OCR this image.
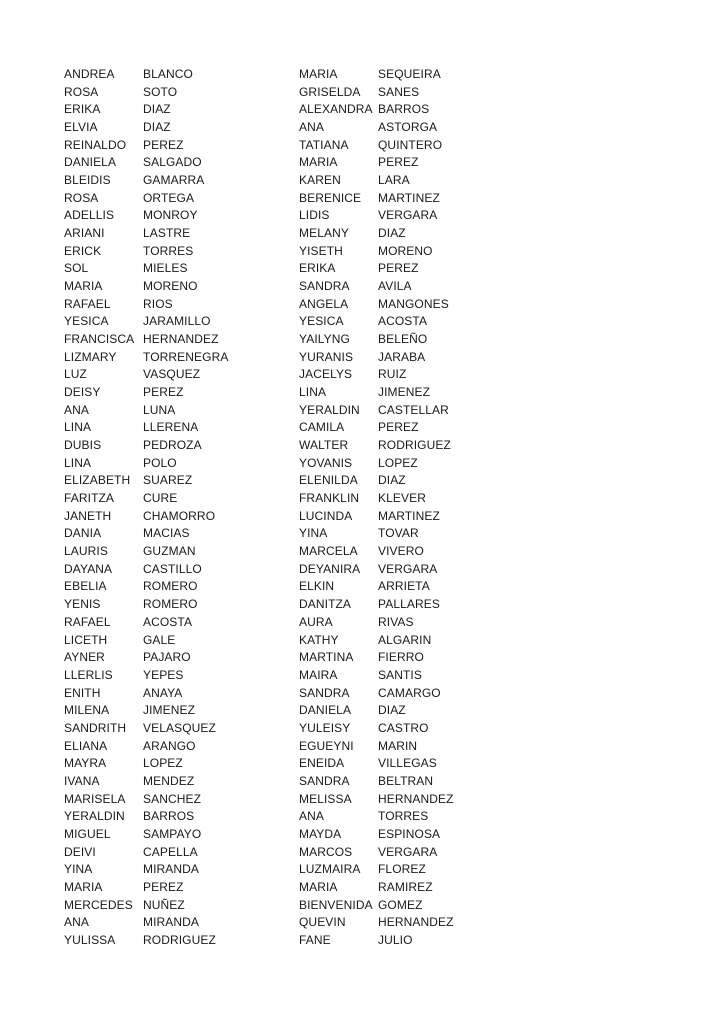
ANDREA	BLANCO
ROSA	SOTO
ERIKA	DIAZ
ELVIA	DIAZ
REINALDO	PEREZ
DANIELA	SALGADO
BLEIDIS	GAMARRA
ROSA	ORTEGA
ADELLIS	MONROY
ARIANI	LASTRE
ERICK	TORRES
SOL	MIELES
MARIA	MORENO
RAFAEL	RIOS
YESICA	JARAMILLO
FRANCISCA HERNANDEZ
LIZMARY	TORRENEGRA
LUZ	VASQUEZ
DEISY	PEREZ
ANA	LUNA
LINA	LLERENA
DUBIS	PEDROZA
LINA	POLO
ELIZABETH	SUAREZ
FARITZA	CURE
JANETH	CHAMORRO
DANIA	MACIAS
LAURIS	GUZMAN
DAYANA	CASTILLO
EBELIA	ROMERO
YENIS	ROMERO
RAFAEL	ACOSTA
LICETH	GALE
AYNER	PAJARO
LLERLIS	YEPES
ENITH	ANAYA
MILENA	JIMENEZ
SANDRITH	VELASQUEZ
ELIANA	ARANGO
MAYRA	LOPEZ
IVANA	MENDEZ
MARISELA	SANCHEZ
YERALDIN	BARROS
MIGUEL	SAMPAYO
DEIVI	CAPELLA
YINA	MIRANDA
MARIA	PEREZ
MERCEDES NUÑEZ
ANA	MIRANDA
YULISSA	RODRIGUEZ
MARIA	SEQUEIRA
GRISELDA	SANES
ALEXANDRA BARROS
ANA	ASTORGA
TATIANA	QUINTERO
MARIA	PEREZ
KAREN	LARA
BERENICE	MARTINEZ
LIDIS	VERGARA
MELANY	DIAZ
YISETH	MORENO
ERIKA	PEREZ
SANDRA	AVILA
ANGELA	MANGONES
YESICA	ACOSTA
YAILYNG	BELEÑO
YURANIS	JARABA
JACELYS	RUIZ
LINA	JIMENEZ
YERALDIN	CASTELLAR
CAMILA	PEREZ
WALTER	RODRIGUEZ
YOVANIS	LOPEZ
ELENILDA	DIAZ
FRANKLIN	KLEVER
LUCINDA	MARTINEZ
YINA	TOVAR
MARCELA	VIVERO
DEYANIRA	VERGARA
ELKIN	ARRIETA
DANITZA	PALLARES
AURA	RIVAS
KATHY	ALGARIN
MARTINA	FIERRO
MAIRA	SANTIS
SANDRA	CAMARGO
DANIELA	DIAZ
YULEISY	CASTRO
EGUEYNI	MARIN
ENEIDA	VILLEGAS
SANDRA	BELTRAN
MELISSA	HERNANDEZ
ANA	TORRES
MAYDA	ESPINOSA
MARCOS	VERGARA
LUZMAIRA	FLOREZ
MARIA	RAMIREZ
BIENVENIDA GOMEZ
QUEVIN	HERNANDEZ
FANE	JULIO
